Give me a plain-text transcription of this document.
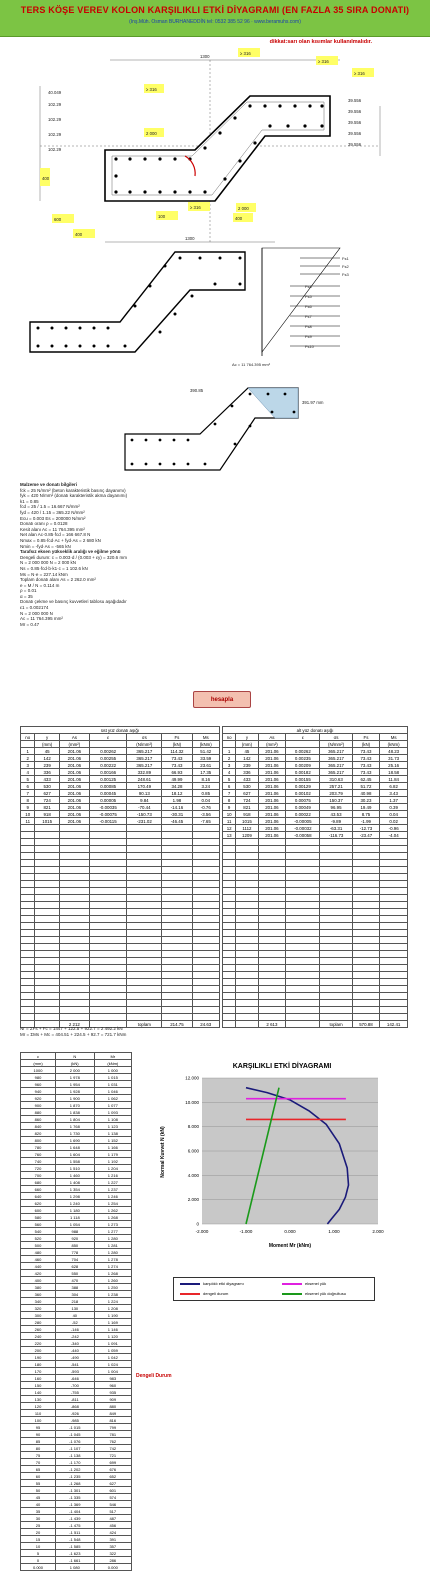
TERS KÖŞE VEREV KOLON KARŞILIKLI ETKİ DİYAGRAMI (EN FAZLA 35 SIRA DONATI)
(Inş.Müh. Osman BURHANEDDİN tel: 0532 385 52 96 · www.beramuhs.com)
dikkat:sarı olan kısımlar kullanılmalıdır.
≥ 316
≥ 316
≥ 316
≥ 316
2 000
400
600
400
≥ 316	2 000
100	400
1300
1300
40.049
102.29
102.29
102.29
102.29
39.556
39.556
39.556
39.556
39.556
Fs1
Fs2
Fs3
Fs4
Fs5
Fs6
Fs7
Fs8
Fs9
Fs10
Ac = 11 764.395 mm²
390.85
391.97 mm
Malzeme ve donatı bilgileri
fck = 25 N/mm² (beton karakteristik basınç dayanımı)
fyk = 420 N/mm² (donatı karakteristik akma dayanımı)
k1 = 0.85
fcd = 25 / 1.5 = 16.667 N/mm²
fyd = 420 / 1.15 = 365.22 N/mm²
Ecu = 0.003 Es = 200000 N/mm²
Donatı oranı ρ = 0.0128
Kesit alanı Ac = 11 764.395 mm²
Net alan Ac·0.85·fcd = 166 667.8 N
Nmax = 0.85·fcd·Ac + fyd·As = 2 680 kN
Nmin = -fyd·As = -565 kN
Tarafsız eksen yükseklik aralığı ve eğilme yönü
Dengeli durum: c = 0.003·d / (0.003 + εy) = 320.6 mm
N = 2 000 000 N = 2 000 kN
Ns = 0.85·fcd·b·k1·c = 1 102.6 kN
Ms = N·e = 227.14 kNm
Toplam donatı alanı As = 2 262.0 mm²
e = M / N = 0.114 m
ρ = 0.01
α = 35
Donatı çekme ve basınç kuvvetleri tablosu aşağıdadır
ε1 = 0.002174
N = 2 000 000 N
Ac = 11 764.395 mm²
Mr = 0.47
hesapla
üst yüz donatı aşığı						
no	y	As	ε	σs	Fs	Ms
	(mm)	(mm²)		(N/mm²)	(kN)	(kNm)
1	45	201.06	0.00262	365.217	114.32	51.42
2	142	201.06	0.00255	365.217	73.43	33.59
3	239	201.06	0.00222	365.217	73.43	23.61
4	336	201.06	0.00166	332.89	66.93	17.35
5	433	201.06	0.00125	248.61	49.99	8.16
6	530	201.06	0.00085	170.49	34.28	3.24
7	627	201.06	0.00045	90.13	18.12	0.85
8	724	201.06	0.00005	9.84	1.98	0.04
9	821	201.06	-0.00035	-70.44	-14.16	-0.76
10	918	201.06	-0.00075	-150.73	-30.31	-3.56
11	1015	201.06	-0.00115	-231.02	-46.45	-7.65

		2 212		toplam	214.75	24.63
alt yüz donatı aşığı						
no	y	As	ε	σs	Fs	Ms
	(mm)	(mm²)		(N/mm²)	(kN)	(kNm)
1	45	201.06	0.00262	365.217	73.43	48.23
2	142	201.06	0.00235	365.217	73.43	31.73
3	239	201.06	0.00209	365.217	73.43	25.16
4	336	201.06	0.00182	365.217	73.43	18.58
5	433	201.06	0.00155	310.63	62.45	11.84
6	530	201.06	0.00129	257.21	51.72	6.82
7	627	201.06	0.00102	203.79	40.98	3.43
8	724	201.06	0.00075	150.37	30.23	1.37
9	821	201.06	0.00049	96.95	19.49	0.39
10	918	201.06	0.00022	43.53	8.75	0.04
11	1015	201.06	-0.00005	-9.89	-1.99	0.02
12	1112	201.06	-0.00032	-63.31	-12.73	-0.96
13	1209	201.06	-0.00058	-116.73	-23.47	-4.04

		2 613		toplam	570.88	142.41
Nr = ΣFs + Fc = 1447 + 122.5 + 922.7 = 2 492.2 kN
Mr = ΣMs + Mc = 404.51 + 224.5 + 92.7 = 721.7 kNm
c	N	Mr
(mm)	(kN)	(kNm)
1000	2 000	1 000
980	1 978	1 015
960	1 954	1 031
940	1 928	1 046
920	1 900	1 062
900	1 870	1 077
880	1 838	1 093
860	1 804	1 108
840	1 768	1 123
820	1 730	1 138
800	1 690	1 152
780	1 648	1 166
760	1 604	1 179
740	1 558	1 192
720	1 510	1 204
700	1 460	1 216
680	1 408	1 227
660	1 354	1 237
640	1 298	1 246
620	1 240	1 254
600	1 180	1 262
580	1 118	1 268
560	1 054	1 273
540	988	1 277
520	920	1 280
500	850	1 281
480	778	1 280
460	704	1 278
440	628	1 274
420	550	1 268
400	470	1 260
380	388	1 250
360	304	1 238
340	218	1 224
320	130	1 208
300	40	1 190
280	-52	1 169
260	-146	1 146
240	-242	1 120
220	-340	1 091
200	-440	1 059
190	-490	1 042
180	-541	1 024
170	-593	1 004
160	-646	983
150	-700	960
140	-755	935
130	-811	909
120	-868	880
110	-926	849
100	-985	816
95	-1 015	799
90	-1 045	781
85	-1 076	762
80	-1 107	742
75	-1 138	721
70	-1 170	699
65	-1 202	676
60	-1 235	652
55	-1 268	627
50	-1 301	601
45	-1 335	574
40	-1 369	546
35	-1 404	517
30	-1 439	487
25	-1 475	456
20	-1 511	424
15	-1 548	391
10	-1 585	357
5	-1 623	322
0	-1 661	286
0.000	1 080	0.000
Dengeli Durum
KARŞILIKLI ETKİ DİYAGRAMI
0
2.000
4.000
6.000
8.000
10.000
12.000
-2.000	-1.000	0.000	1.000	2.000
Moment Mr (kNm)
Normal Kuvvet N (kN)
karşılıklı etki diyagramı	eksenel yük
dengeli durum	eksenel yük doğrultusu
